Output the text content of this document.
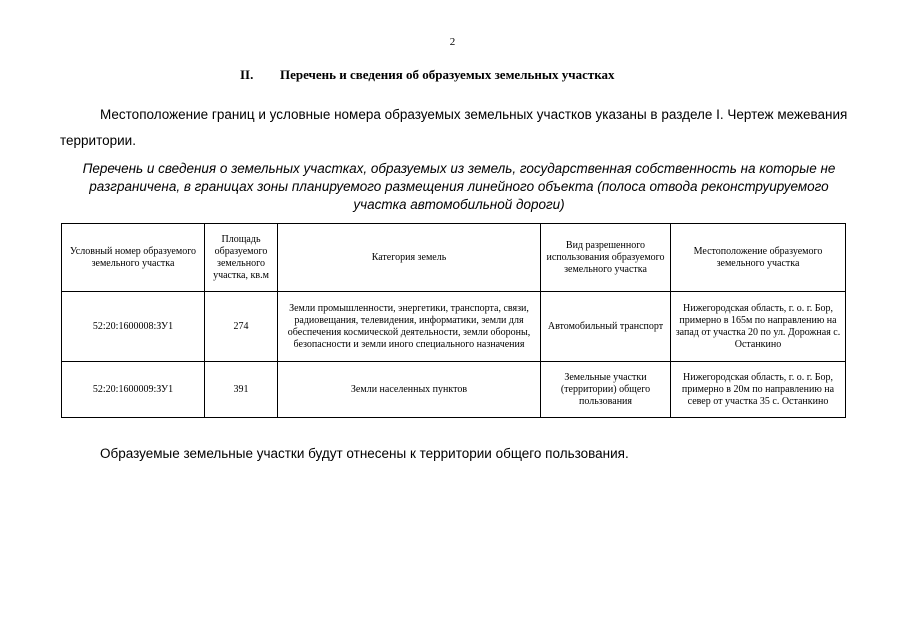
2
II. Перечень и сведения об образуемых земельных участках
Местоположение границ и условные номера образуемых земельных участков указаны в разделе I. Чертеж межевания территории.
Перечень и сведения о земельных участках, образуемых из земель, государственная собственность на которые не разграничена, в границах зоны планируемого размещения линейного объекта (полоса отвода реконструируемого участка автомобильной дороги)
Условный номер образуемого земельного участка	Площадь образуемого земельного участка, кв.м	Категория земель	Вид разрешенного использования образуемого земельного участка	Местоположение образуемого земельного участка
52:20:1600008:ЗУ1	274	Земли промышленности, энергетики, транспорта, связи, радиовещания, телевидения, информатики, земли для обеспечения космической деятельности, земли обороны, безопасности и земли иного специального назначения	Автомобильный транспорт	Нижегородская область, г. о. г. Бор, примерно в 165м по направлению на запад от участка 20 по ул. Дорожная с. Останкино
52:20:1600009:ЗУ1	391	Земли населенных пунктов	Земельные участки (территории) общего пользования	Нижегородская область, г. о. г. Бор, примерно в 20м по направлению на север от участка 35 с. Останкино
Образуемые земельные участки будут отнесены к территории общего пользования.
